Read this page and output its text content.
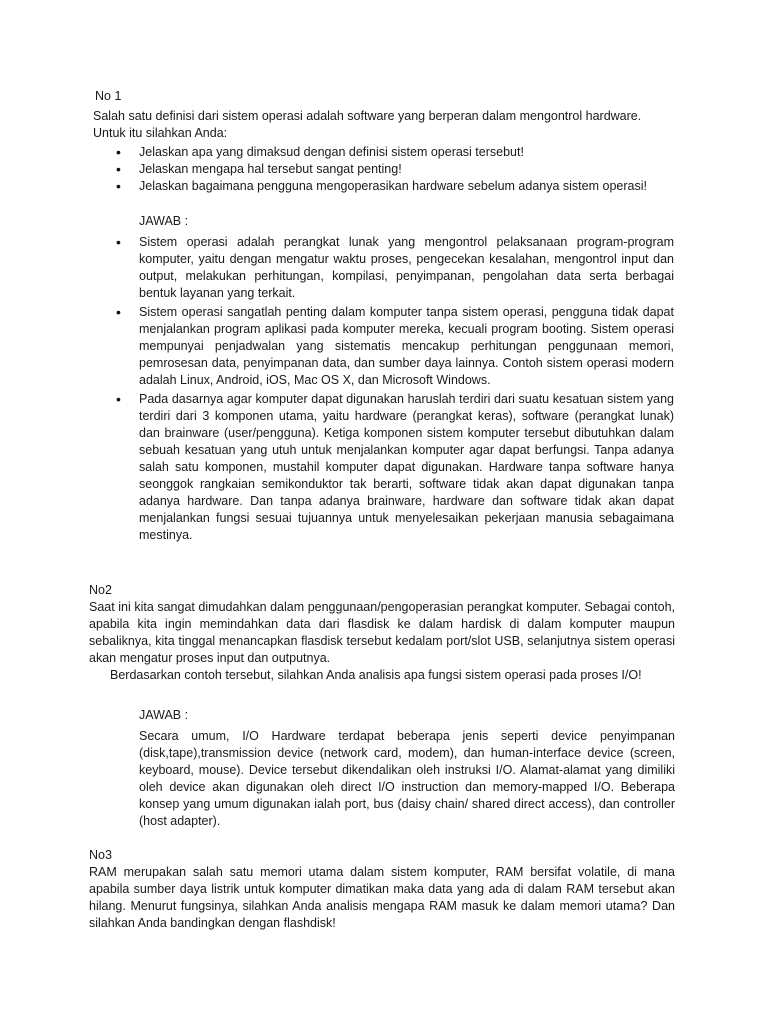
No 1

Salah satu definisi dari sistem operasi adalah software yang berperan dalam mengontrol hardware.

Untuk itu silahkan Anda:

• Jelaskan apa yang dimaksud dengan definisi sistem operasi tersebut!
• Jelaskan mengapa hal tersebut sangat penting!
• Jelaskan bagaimana pengguna mengoperasikan hardware sebelum adanya sistem operasi!

JAWAB :

• Sistem operasi adalah perangkat lunak yang mengontrol pelaksanaan program-program komputer, yaitu dengan mengatur waktu proses, pengecekan kesalahan, mengontrol input dan output, melakukan perhitungan, kompilasi, penyimpanan, pengolahan data serta berbagai bentuk layanan yang terkait.
• Sistem operasi sangatlah penting dalam komputer tanpa sistem operasi, pengguna tidak dapat menjalankan program aplikasi pada komputer mereka, kecuali program booting. Sistem operasi mempunyai penjadwalan yang sistematis mencakup perhitungan penggunaan memori, pemrosesan data, penyimpanan data, dan sumber daya lainnya. Contoh sistem operasi modern adalah Linux, Android, iOS, Mac OS X, dan Microsoft Windows.
• Pada dasarnya agar komputer dapat digunakan haruslah terdiri dari suatu kesatuan sistem yang terdiri dari 3 komponen utama, yaitu hardware (perangkat keras), software (perangkat lunak) dan brainware (user/pengguna). Ketiga komponen sistem komputer tersebut dibutuhkan dalam sebuah kesatuan yang utuh untuk menjalankan komputer agar dapat berfungsi. Tanpa adanya salah satu komponen, mustahil komputer dapat digunakan. Hardware tanpa software hanya seonggok rangkaian semikonduktor tak berarti, software tidak akan dapat digunakan tanpa adanya hardware. Dan tanpa adanya brainware, hardware dan software tidak akan dapat menjalankan fungsi sesuai tujuannya untuk menyelesaikan pekerjaan manusia sebagaimana mestinya.

No2

Saat ini kita sangat dimudahkan dalam penggunaan/pengoperasian perangkat komputer. Sebagai contoh, apabila kita ingin memindahkan data dari flasdisk ke dalam hardisk di dalam komputer maupun sebaliknya, kita tinggal menancapkan flasdisk tersebut kedalam port/slot USB, selanjutnya sistem operasi akan mengatur proses input dan outputnya.

Berdasarkan contoh tersebut, silahkan Anda analisis apa fungsi sistem operasi pada proses I/O!

JAWAB :

Secara umum, I/O Hardware terdapat beberapa jenis seperti device penyimpanan (disk,tape),transmission device (network card, modem), dan human-interface device (screen, keyboard, mouse). Device tersebut dikendalikan oleh instruksi I/O. Alamat-alamat yang dimiliki oleh device akan digunakan oleh direct I/O instruction dan memory-mapped I/O. Beberapa konsep yang umum digunakan ialah port, bus (daisy chain/ shared direct access), dan controller (host adapter).

No3

RAM merupakan salah satu memori utama dalam sistem komputer, RAM bersifat volatile, di mana apabila sumber daya listrik untuk komputer dimatikan maka data yang ada di dalam RAM tersebut akan hilang. Menurut fungsinya, silahkan Anda analisis mengapa RAM masuk ke dalam memori utama? Dan silahkan Anda bandingkan dengan flashdisk!
